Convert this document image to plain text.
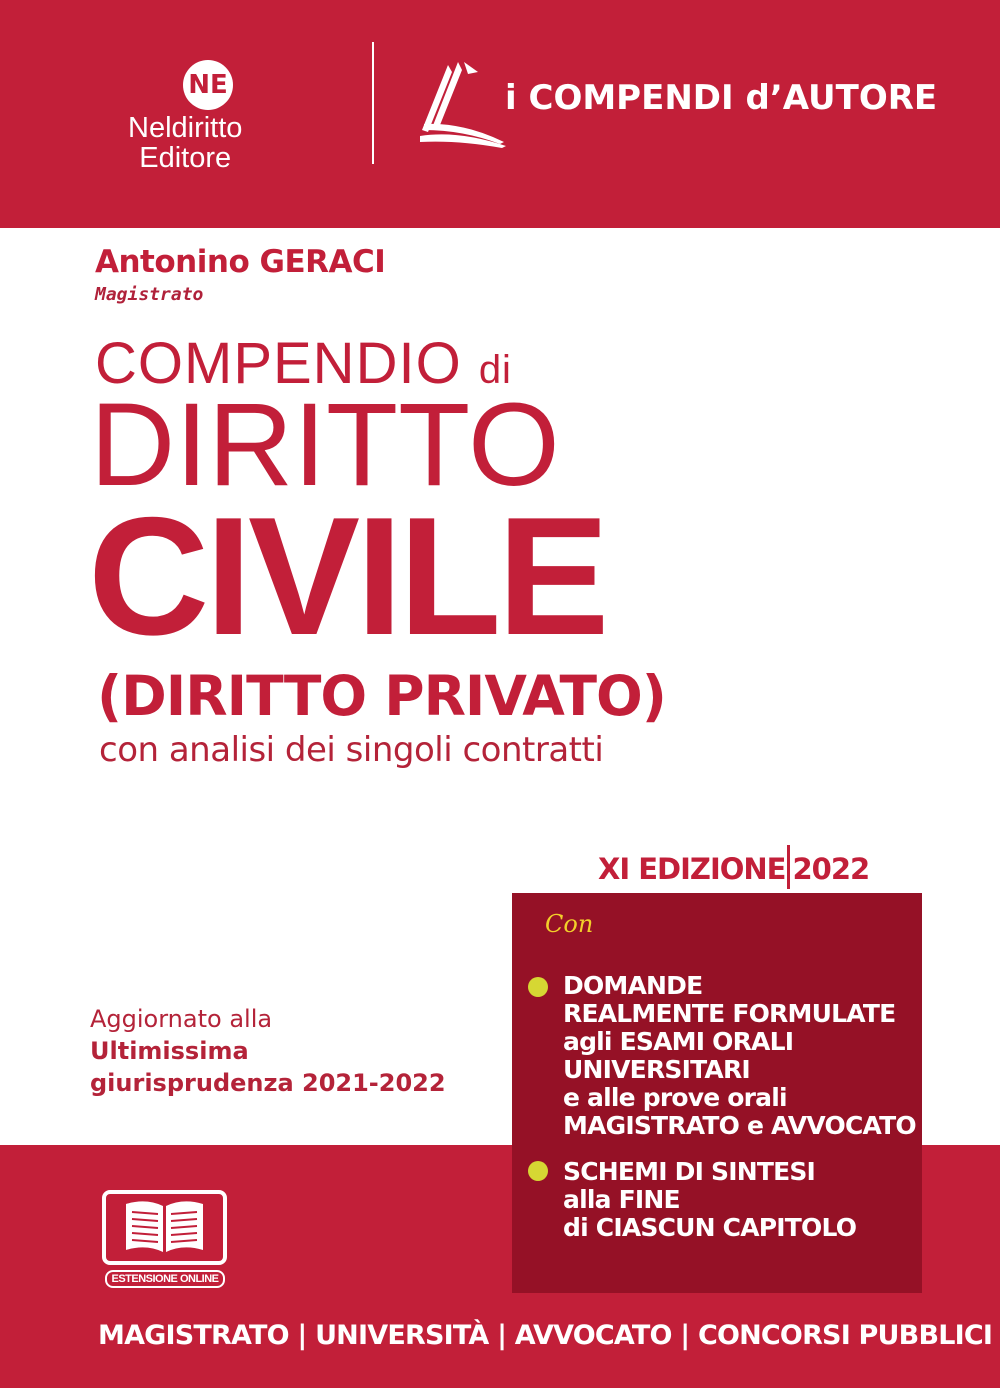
NE
Neldiritto
Editore
i COMPENDI d’AUTORE
Antonino GERACI
Magistrato
COMPENDIO di
DIRITTO
CIVILE
(DIRITTO PRIVATO)
con analisi dei singoli contratti
XI EDIZIONE 2022
Aggiornato alla
Ultimissima
giurisprudenza 2021-2022
Con
DOMANDE
REALMENTE FORMULATE
agli ESAMI ORALI
UNIVERSITARI
e alle prove orali
MAGISTRATO e AVVOCATO
SCHEMI DI SINTESI
alla FINE
di CIASCUN CAPITOLO
ESTENSIONE ONLINE
MAGISTRATO | UNIVERSITÀ | AVVOCATO | CONCORSI PUBBLICI
